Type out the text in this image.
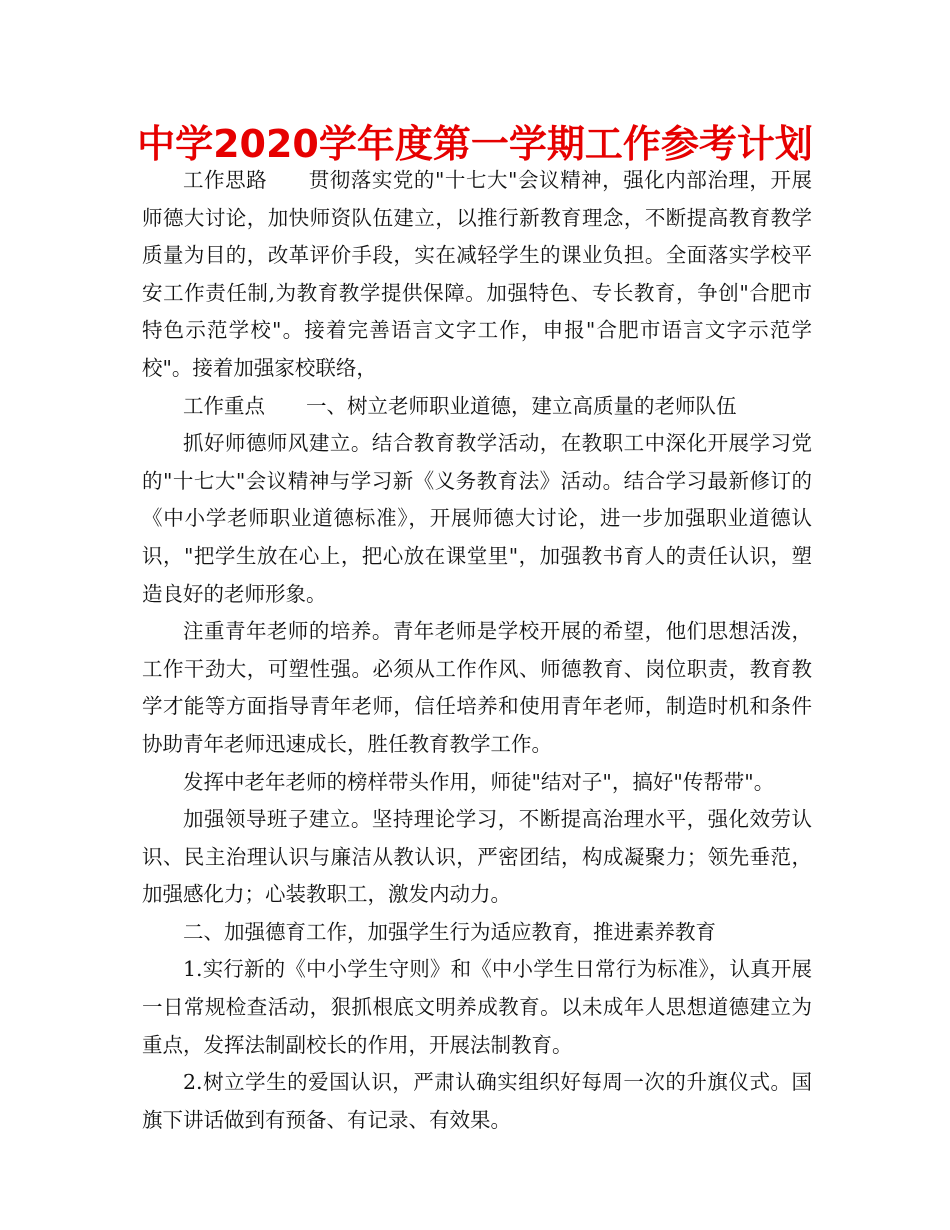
中学2020学年度第一学期工作参考计划

工作思路 贯彻落实党的"十七大"会议精神，强化内部治理，开展师德大讨论，加快师资队伍建立，以推行新教育理念，不断提高教育教学质量为目的，改革评价手段，实在减轻学生的课业负担。全面落实学校平安工作责任制,为教育教学提供保障。加强特色、专长教育，争创"合肥市特色示范学校"。接着完善语言文字工作，申报"合肥市语言文字示范学校"。接着加强家校联络，

工作重点 一、树立老师职业道德，建立高质量的老师队伍

抓好师德师风建立。结合教育教学活动，在教职工中深化开展学习党的"十七大"会议精神与学习新《义务教育法》活动。结合学习最新修订的《中小学老师职业道德标准》，开展师德大讨论，进一步加强职业道德认识，"把学生放在心上，把心放在课堂里"，加强教书育人的责任认识，塑造良好的老师形象。

注重青年老师的培养。青年老师是学校开展的希望，他们思想活泼，工作干劲大，可塑性强。必须从工作作风、师德教育、岗位职责，教育教学才能等方面指导青年老师，信任培养和使用青年老师，制造时机和条件协助青年老师迅速成长，胜任教育教学工作。

发挥中老年老师的榜样带头作用，师徒"结对子"，搞好"传帮带"。

加强领导班子建立。坚持理论学习，不断提高治理水平，强化效劳认识、民主治理认识与廉洁从教认识，严密团结，构成凝聚力；领先垂范，加强感化力；心装教职工，激发内动力。

二、加强德育工作，加强学生行为适应教育，推进素养教育

1.实行新的《中小学生守则》和《中小学生日常行为标准》，认真开展一日常规检查活动，狠抓根底文明养成教育。以未成年人思想道德建立为重点，发挥法制副校长的作用，开展法制教育。

2.树立学生的爱国认识，严肃认确实组织好每周一次的升旗仪式。国旗下讲话做到有预备、有记录、有效果。
